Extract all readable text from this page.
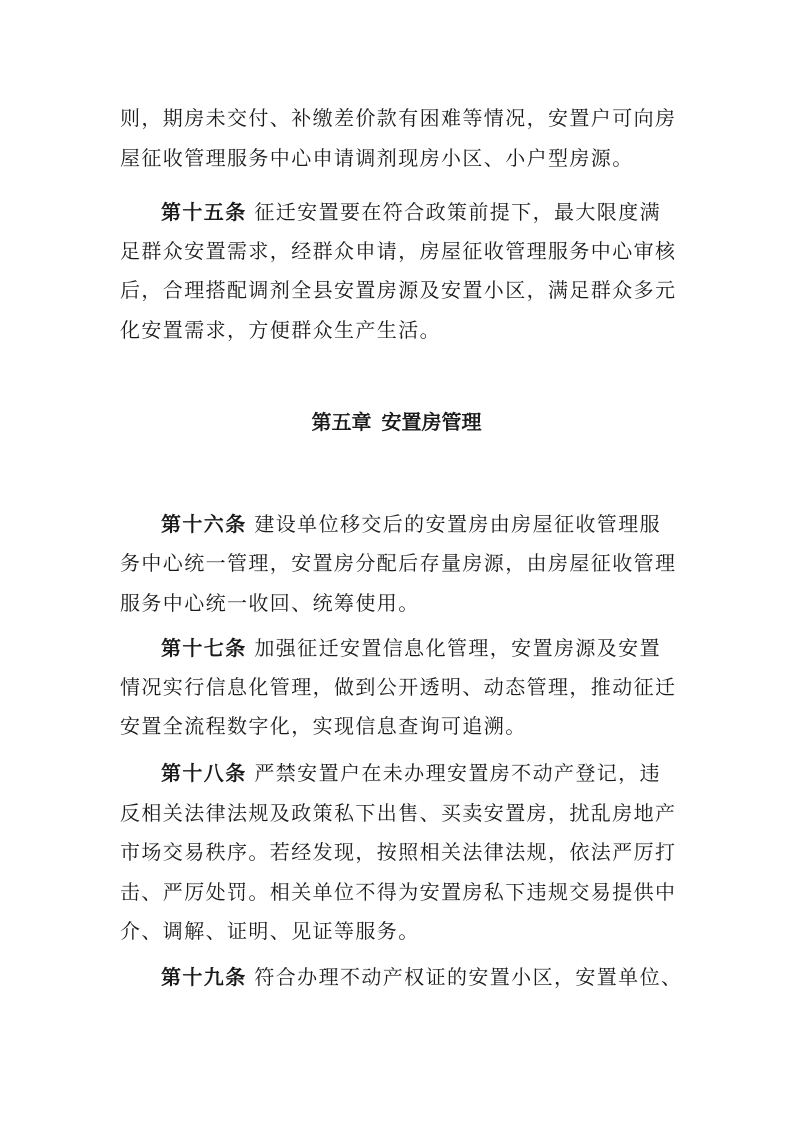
则，期房未交付、补缴差价款有困难等情况，安置户可向房
屋征收管理服务中心申请调剂现房小区、小户型房源。
第十五条 征迁安置要在符合政策前提下，最大限度满
足群众安置需求，经群众申请，房屋征收管理服务中心审核
后，合理搭配调剂全县安置房源及安置小区，满足群众多元
化安置需求，方便群众生产生活。
第五章 安置房管理
第十六条 建设单位移交后的安置房由房屋征收管理服
务中心统一管理，安置房分配后存量房源，由房屋征收管理
服务中心统一收回、统筹使用。
第十七条 加强征迁安置信息化管理，安置房源及安置
情况实行信息化管理，做到公开透明、动态管理，推动征迁
安置全流程数字化，实现信息查询可追溯。
第十八条 严禁安置户在未办理安置房不动产登记，违
反相关法律法规及政策私下出售、买卖安置房，扰乱房地产
市场交易秩序。若经发现，按照相关法律法规，依法严厉打
击、严厉处罚。相关单位不得为安置房私下违规交易提供中
介、调解、证明、见证等服务。
第十九条 符合办理不动产权证的安置小区，安置单位、
